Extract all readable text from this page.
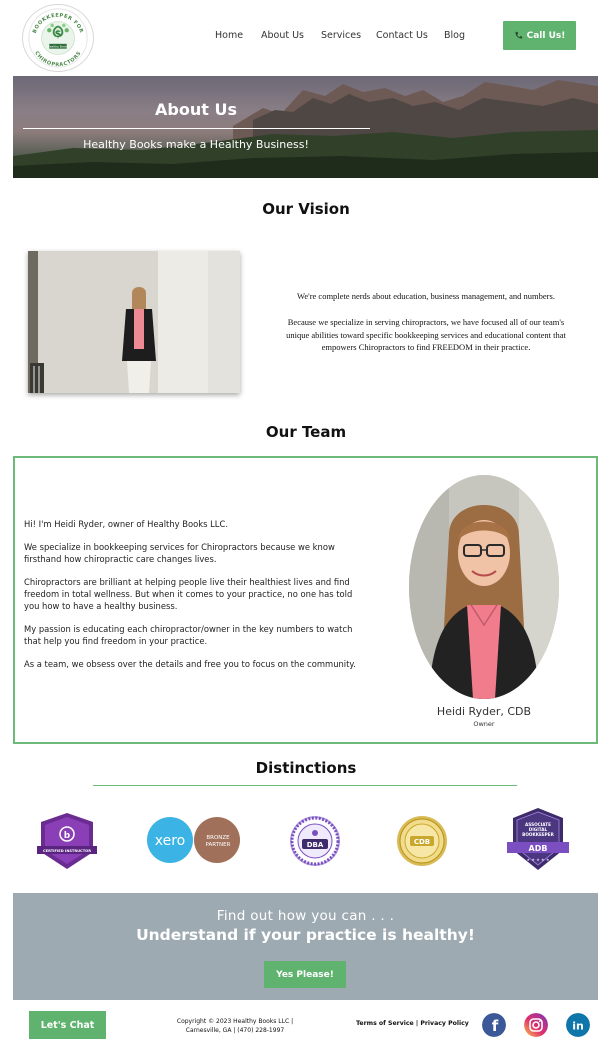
BOOKKEEPER FOR
CHIROPRACTORS
$
Healthy Books
Home About Us Services Contact Us Blog	Call Us!
About Us
Healthy Books make a Healthy Business!
Our Vision
We're complete nerds about education, business management, and numbers.
Because we specialize in serving chiropractors, we have focused all of our team's
unique abilities toward specific bookkeeping services and educational content that
empowers Chiropractors to find FREEDOM in their practice.
Our Team
Hi! I'm Heidi Ryder, owner of Healthy Books LLC.
We specialize in bookkeeping services for Chiropractors because we know firsthand how chiropractic care changes lives.
Chiropractors are brilliant at helping people live their healthiest lives and find freedom in total wellness. But when it comes to your practice, no one has told you how to have a healthy business.
My passion is educating each chiropractor/owner in the key numbers to watch that help you find freedom in your practice.
As a team, we obsess over the details and free you to focus on the community.
Heidi Ryder, CDB
Owner
Distinctions
b
CERTIFIED INSTRUCTOR
xero	BRONZE
PARTNER	DBA	CDB
ASSOCIATE
DIGITAL
BOOKKEEPER
ADB
★ ★ ★ ★ ★
Find out how you can . . .
Understand if your practice is healthy!
Yes Please!
Let's Chat	Copyright © 2023 Healthy Books LLC |
Carnesville, GA | (470) 228-1997
Terms of Service | Privacy Policy f	in
